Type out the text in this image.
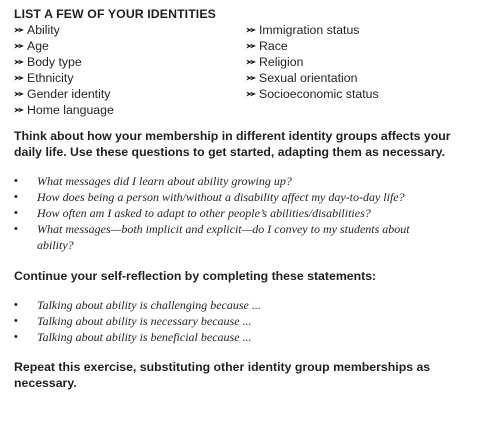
LIST A FEW OF YOUR IDENTITIES

Ability
Age
Body type
Ethnicity
Gender identity
Home language
Immigration status
Race
Religion
Sexual orientation
Socioeconomic status

Think about how your membership in different identity groups affects your daily life. Use these questions to get started, adapting them as necessary.

• What messages did I learn about ability growing up?
• How does being a person with/without a disability affect my day-to-day life?
• How often am I asked to adapt to other people’s abilities/disabilities?
• What messages—both implicit and explicit—do I convey to my students about ability?

Continue your self-reflection by completing these statements:

• Talking about ability is challenging because ...
• Talking about ability is necessary because ...
• Talking about ability is beneficial because ...

Repeat this exercise, substituting other identity group memberships as necessary.
